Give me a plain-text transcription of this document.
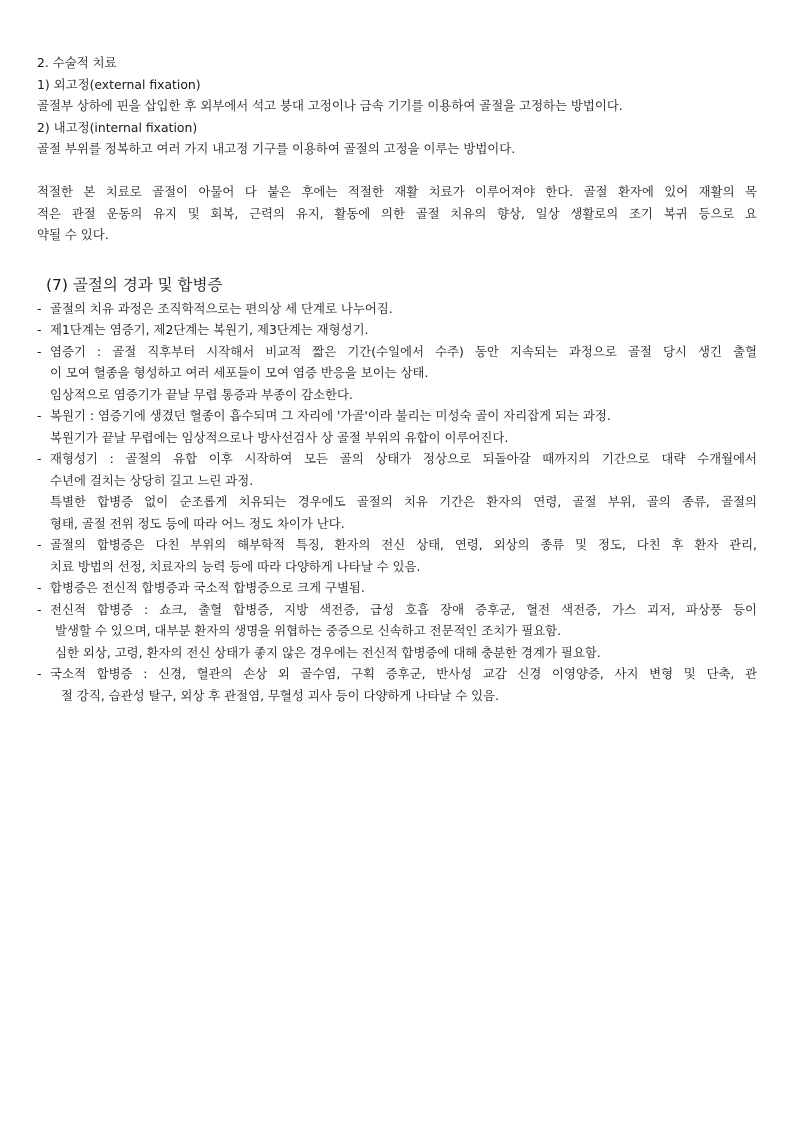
2. 수술적 치료
1) 외고정(external fixation)
골절부 상하에 핀을 삽입한 후 외부에서 석고 붕대 고정이나 금속 기기를 이용하여 골절을 고정하는 방법이다.
2) 내고정(internal fixation)
골절 부위를 정복하고 여러 가지 내고정 기구를 이용하여 골절의 고정을 이루는 방법이다.
적절한 본 치료로 골절이 아물어 다 붙은 후에는 적절한 재활 치료가 이루어져야 한다. 골절 환자에 있어 재활의 목
적은 관절 운동의 유지 및 회복, 근력의 유지, 활동에 의한 골절 치유의 향상, 일상 생활로의 조기 복귀 등으로 요
약될 수 있다.
(7) 골절의 경과 및 합병증
- 골절의 치유 과정은 조직학적으로는 편의상 세 단계로 나누어짐.
- 제1단계는 염증기, 제2단계는 복원기, 제3단계는 재형성기.
- 염증기 : 골절 직후부터 시작해서 비교적 짧은 기간(수일에서 수주) 동안 지속되는 과정으로 골절 당시 생긴 출혈
이 모여 혈종을 형성하고 여러 세포들이 모여 염증 반응을 보이는 상태.
임상적으로 염증기가 끝날 무렵 통증과 부종이 감소한다.
- 복원기 : 염증기에 생겼던 혈종이 흡수되며 그 자리에 '가골'이라 불리는 미성숙 골이 자리잡게 되는 과정.
복원기가 끝날 무렵에는 임상적으로나 방사선검사 상 골절 부위의 유합이 이루어진다.
- 재형성기 : 골절의 유합 이후 시작하여 모든 골의 상태가 정상으로 되돌아갈 때까지의 기간으로 대략 수개월에서
수년에 걸치는 상당히 길고 느린 과정.
특별한 합병증 없이 순조롭게 치유되는 경우에도 골절의 치유 기간은 환자의 연령, 골절 부위, 골의 종류, 골절의
형태, 골절 전위 정도 등에 따라 어느 정도 차이가 난다.
- 골절의 합병증은 다친 부위의 해부학적 특징, 환자의 전신 상태, 연령, 외상의 종류 및 정도, 다친 후 환자 관리,
치료 방법의 선정, 치료자의 능력 등에 따라 다양하게 나타날 수 있음.
- 합병증은 전신적 합병증과 국소적 합병증으로 크게 구별됨.
- 전신적 합병증 : 쇼크, 출혈 합병증, 지방 색전증, 급성 호흡 장애 증후군, 혈전 색전증, 가스 괴저, 파상풍 등이
발생할 수 있으며, 대부분 환자의 생명을 위협하는 중증으로 신속하고 전문적인 조치가 필요함.
심한 외상, 고령, 환자의 전신 상태가 좋지 않은 경우에는 전신적 합병증에 대해 충분한 경계가 필요함.
- 국소적 합병증 : 신경, 혈관의 손상 외 골수염, 구획 증후군, 반사성 교감 신경 이영양증, 사지 변형 및 단축, 관
절 강직, 습관성 탈구, 외상 후 관절염, 무혈성 괴사 등이 다양하게 나타날 수 있음.
